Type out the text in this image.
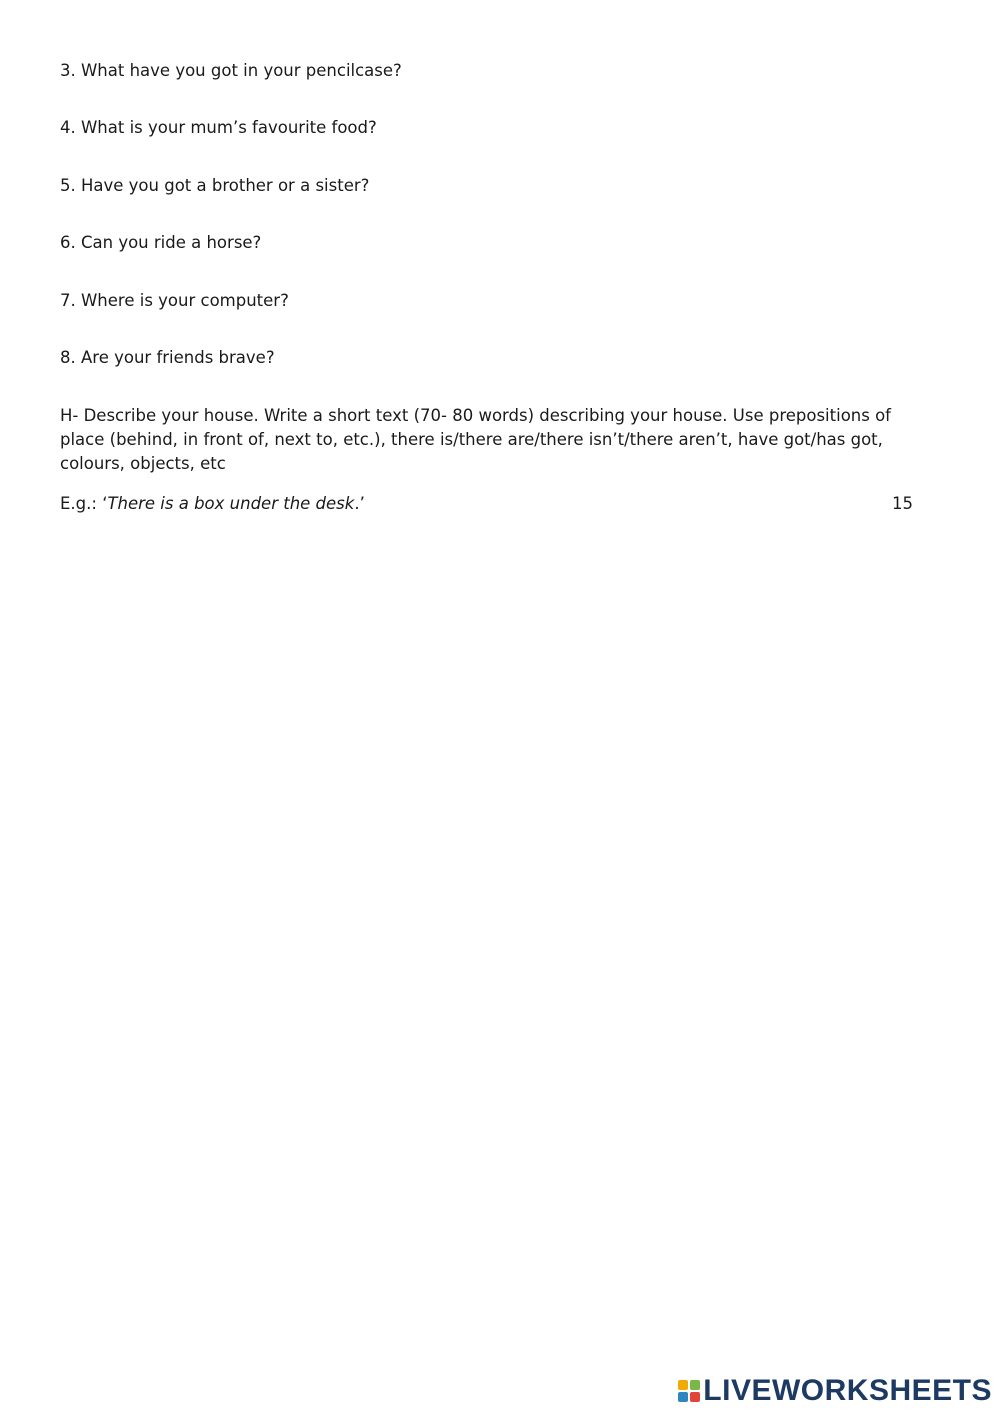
3. What have you got in your pencilcase?
4. What is your mum’s favourite food?
5. Have you got a brother or a sister?
6. Can you ride a horse?
7. Where is your computer?
8. Are your friends brave?
H- Describe your house. Write a short text (70- 80 words) describing your house. Use prepositions of place (behind, in front of, next to, etc.), there is/there are/there isn’t/there aren’t, have got/has got, colours, objects, etc
E.g.: ‘There is a box under the desk.’	15
LIVEWORKSHEETS
